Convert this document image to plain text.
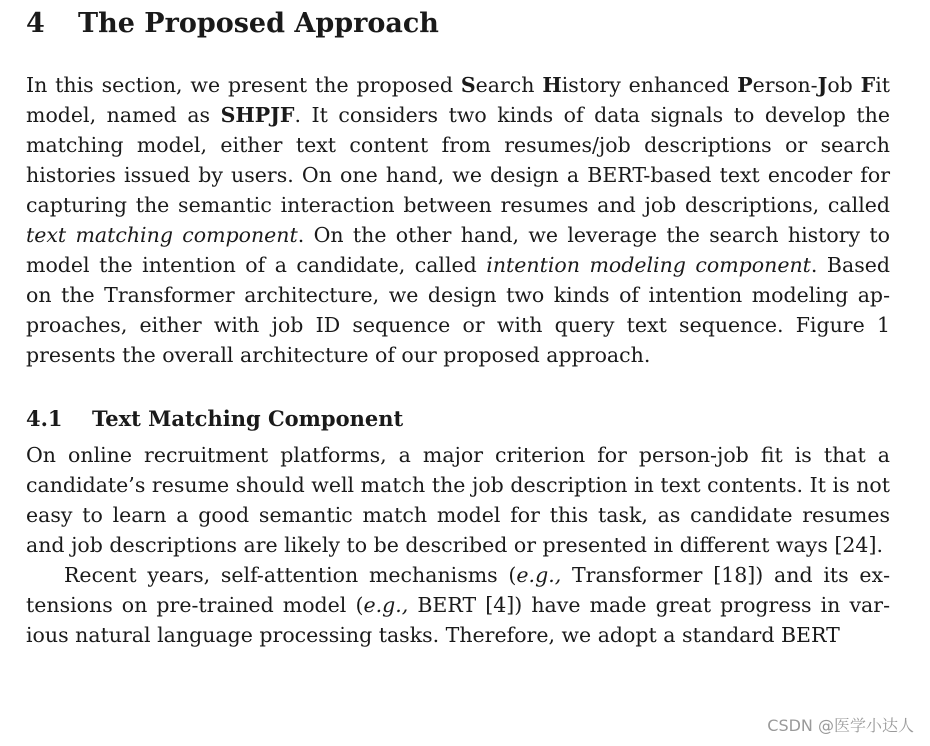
4	The Proposed Approach

In this section, we present the proposed Search History enhanced Person-Job Fit model, named as SHPJF. It considers two kinds of data signals to develop the matching model, either text content from resumes/job descriptions or search histories issued by users. On one hand, we design a BERT-based text encoder for capturing the semantic interaction between resumes and job descriptions, called text matching component. On the other hand, we leverage the search history to model the intention of a candidate, called intention modeling component. Based on the Transformer architecture, we design two kinds of intention modeling approaches, either with job ID sequence or with query text sequence. Figure 1 presents the overall architecture of our proposed approach.

4.1	Text Matching Component

On online recruitment platforms, a major criterion for person-job fit is that a candidate’s resume should well match the job description in text contents. It is not easy to learn a good semantic match model for this task, as candidate resumes and job descriptions are likely to be described or presented in different ways [24].

Recent years, self-attention mechanisms (e.g., Transformer [18]) and its extensions on pre-trained model (e.g., BERT [4]) have made great progress in various natural language processing tasks. Therefore, we adopt a standard BERT

CSDN @医学小达人
